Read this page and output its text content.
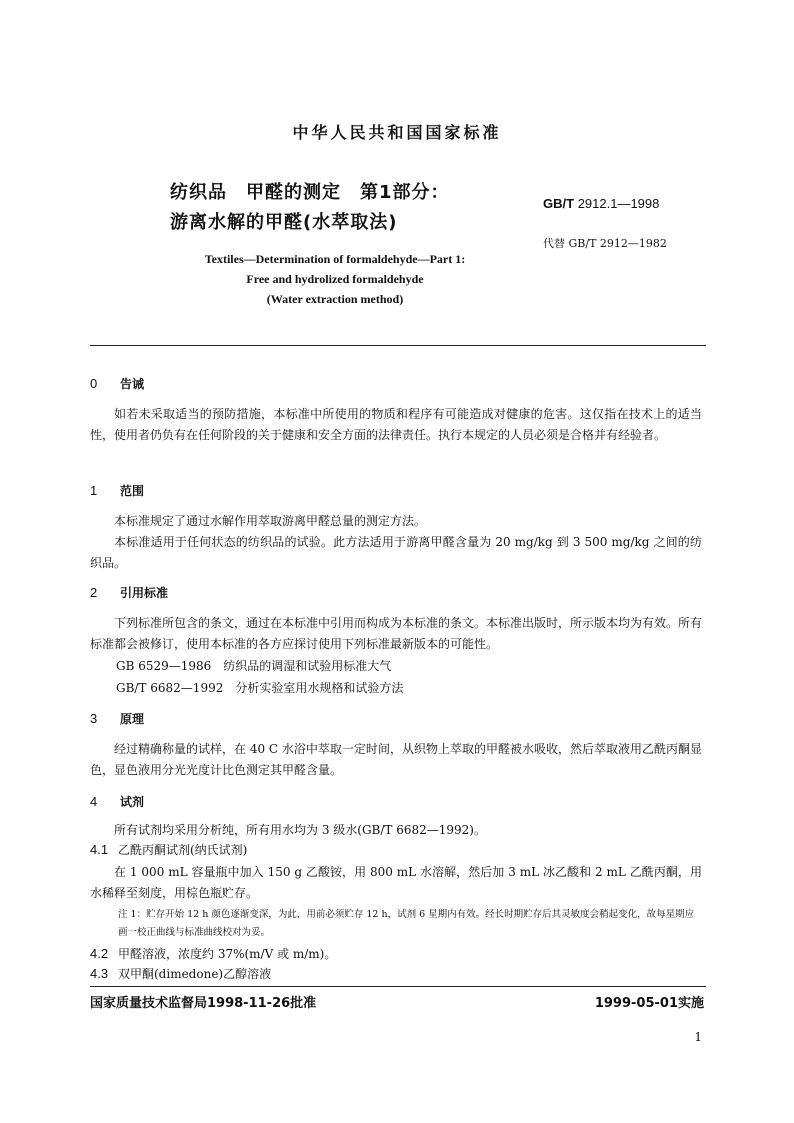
中华人民共和国国家标准
纺织品　甲醛的测定　第1部分：
游离水解的甲醛(水萃取法)
GB/T 2912.1—1998
代替 GB/T 2912—1982
Textiles—Determination of formaldehyde—Part 1:
Free and hydrolized formaldehyde
(Water extraction method)
0 告诫
如若未采取适当的预防措施，本标准中所使用的物质和程序有可能造成对健康的危害。这仅指在技术上的适当性，使用者仍负有在任何阶段的关于健康和安全方面的法律责任。执行本规定的人员必须是合格并有经验者。
1 范围
本标准规定了通过水解作用萃取游离甲醛总量的测定方法。
本标准适用于任何状态的纺织品的试验。此方法适用于游离甲醛含量为 20 mg/kg 到 3 500 mg/kg 之间的纺织品。
2 引用标准
下列标准所包含的条文，通过在本标准中引用而构成为本标准的条文。本标准出版时，所示版本均为有效。所有标准都会被修订，使用本标准的各方应探讨使用下列标准最新版本的可能性。
GB 6529—1986　纺织品的调湿和试验用标准大气
GB/T 6682—1992　分析实验室用水规格和试验方法
3 原理
经过精确称量的试样，在 40 C 水浴中萃取一定时间，从织物上萃取的甲醛被水吸收，然后萃取液用乙酰丙酮显色，显色液用分光光度计比色测定其甲醛含量。
4 试剂
所有试剂均采用分析纯，所有用水均为 3 级水(GB/T 6682—1992)。
4.1 乙酰丙酮试剂(纳氏试剂)
在 1 000 mL 容量瓶中加入 150 g 乙酸铵，用 800 mL 水溶解，然后加 3 mL 冰乙酸和 2 mL 乙酰丙酮，用水稀释至刻度，用棕色瓶贮存。
注 1：贮存开始 12 h 颜色逐渐变深，为此，用前必须贮存 12 h，试剂 6 星期内有效。经长时期贮存后其灵敏度会稍起变化，故每星期应画一校正曲线与标准曲线校对为妥。
4.2 甲醛溶液，浓度约 37%(m/V 或 m/m)。
4.3 双甲酮(dimedone)乙醇溶液
国家质量技术监督局1998-11-26批准	1999-05-01实施
1
